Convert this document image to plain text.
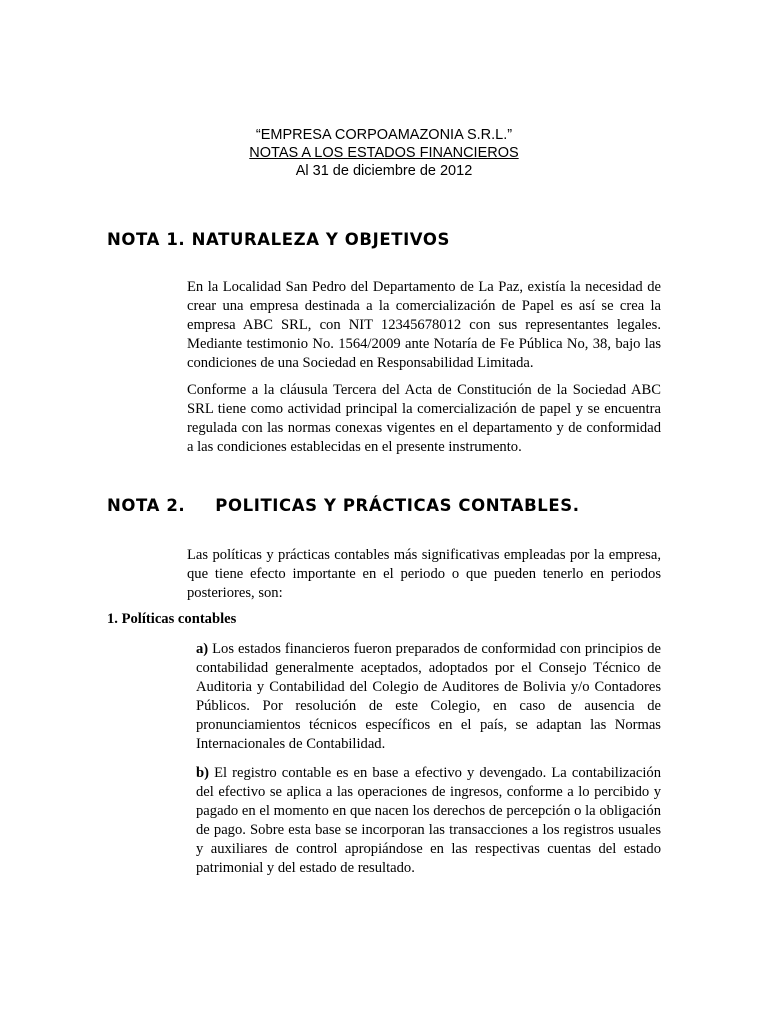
“EMPRESA CORPOAMAZONIA S.R.L.”
NOTAS A LOS ESTADOS FINANCIEROS
Al 31 de diciembre de 2012
NOTA 1. NATURALEZA Y OBJETIVOS

En la Localidad San Pedro del Departamento de La Paz, existía la necesidad de crear una empresa destinada a la comercialización de Papel es así se crea la empresa ABC SRL, con NIT 12345678012 con sus representantes legales. Mediante testimonio No. 1564/2009 ante Notaría de Fe Pública No, 38, bajo las condiciones de una Sociedad en Responsabilidad Limitada.

Conforme a la cláusula Tercera del Acta de Constitución de la Sociedad ABC SRL tiene como actividad principal la comercialización de papel y se encuentra regulada con las normas conexas vigentes en el departamento y de conformidad a las condiciones establecidas en el presente instrumento.

NOTA 2. POLITICAS Y PRÁCTICAS CONTABLES.

Las políticas y prácticas contables más significativas empleadas por la empresa, que tiene efecto importante en el periodo o que pueden tenerlo en periodos posteriores, son:

1. Políticas contables

a) Los estados financieros fueron preparados de conformidad con principios de contabilidad generalmente aceptados, adoptados por el Consejo Técnico de Auditoria y Contabilidad del Colegio de Auditores de Bolivia y/o Contadores Públicos. Por resolución de este Colegio, en caso de ausencia de pronunciamientos técnicos específicos en el país, se adaptan las Normas Internacionales de Contabilidad.

b) El registro contable es en base a efectivo y devengado. La contabilización del efectivo se aplica a las operaciones de ingresos, conforme a lo percibido y pagado en el momento en que nacen los derechos de percepción o la obligación de pago. Sobre esta base se incorporan las transacciones a los registros usuales y auxiliares de control apropiándose en las respectivas cuentas del estado patrimonial y del estado de resultado.
